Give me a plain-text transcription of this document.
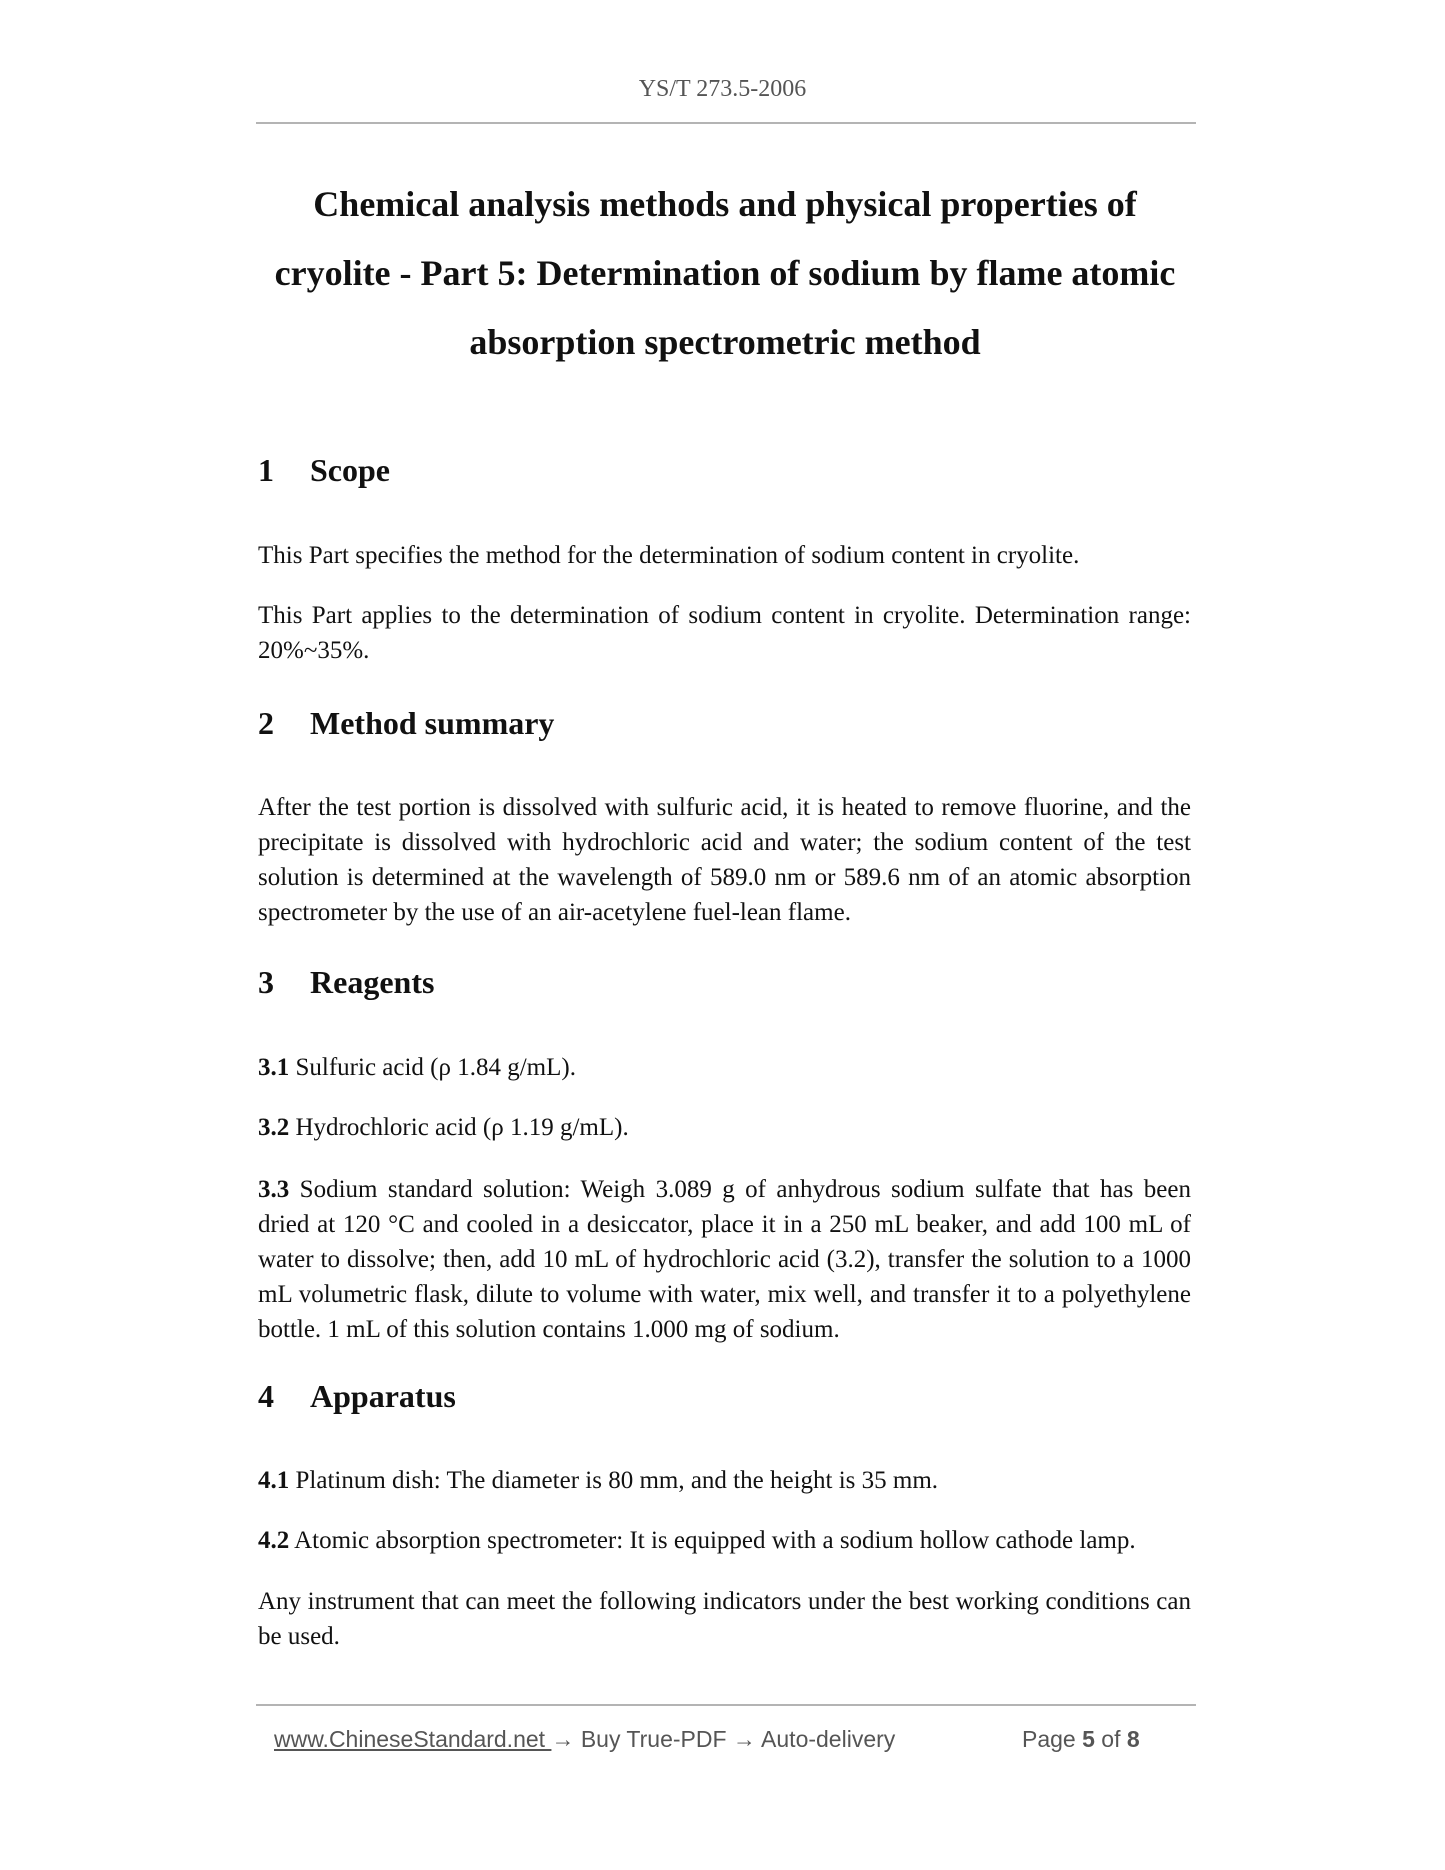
YS/T 273.5-2006
Chemical analysis methods and physical properties of
cryolite - Part 5: Determination of sodium by flame atomic
absorption spectrometric method
1 Scope
This Part specifies the method for the determination of sodium content in cryolite.
This Part applies to the determination of sodium content in cryolite. Determination range: 20%~35%.
2 Method summary
After the test portion is dissolved with sulfuric acid, it is heated to remove fluorine, and the precipitate is dissolved with hydrochloric acid and water; the sodium content of the test solution is determined at the wavelength of 589.0 nm or 589.6 nm of an atomic absorption spectrometer by the use of an air-acetylene fuel-lean flame.
3 Reagents
3.1 Sulfuric acid (ρ 1.84 g/mL).
3.2 Hydrochloric acid (ρ 1.19 g/mL).
3.3 Sodium standard solution: Weigh 3.089 g of anhydrous sodium sulfate that has been dried at 120 °C and cooled in a desiccator, place it in a 250 mL beaker, and add 100 mL of water to dissolve; then, add 10 mL of hydrochloric acid (3.2), transfer the solution to a 1000 mL volumetric flask, dilute to volume with water, mix well, and transfer it to a polyethylene bottle. 1 mL of this solution contains 1.000 mg of sodium.
4 Apparatus
4.1 Platinum dish: The diameter is 80 mm, and the height is 35 mm.
4.2 Atomic absorption spectrometer: It is equipped with a sodium hollow cathode lamp.
Any instrument that can meet the following indicators under the best working conditions can be used.
www.ChineseStandard.net → Buy True-PDF → Auto-delivery	Page 5 of 8
